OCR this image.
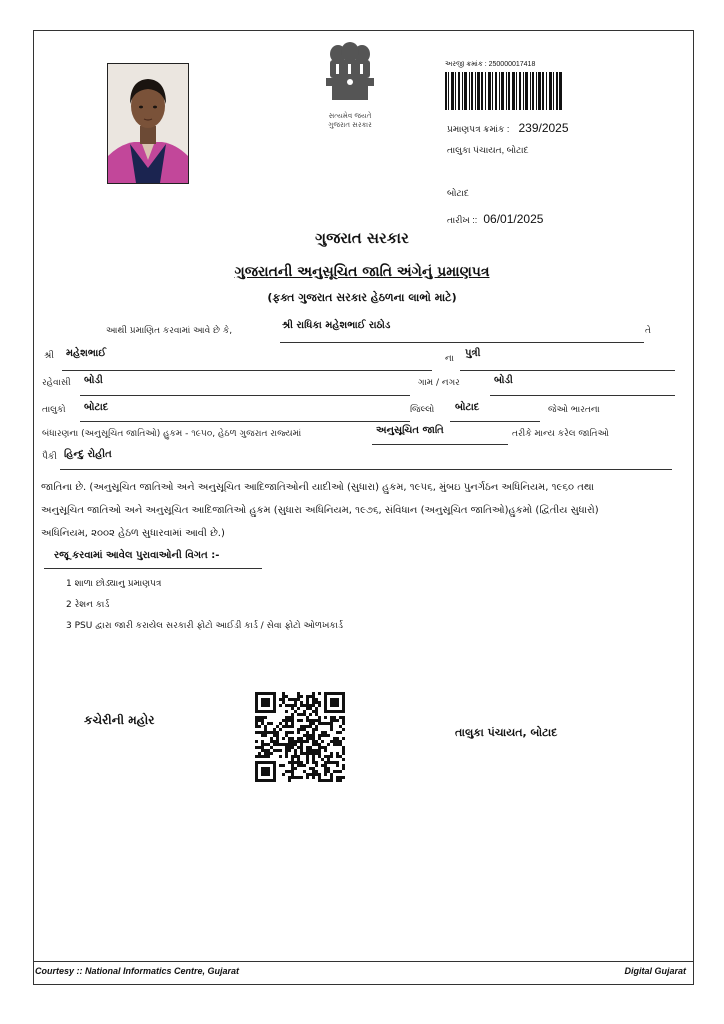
સત્યમેવ જયતે
ગુજરાત સરકાર
અરજી ક્રમાંક : 250000017418
પ્રમાણપત્ર ક્રમાંક : 239/2025
તાલુકા પંચાયત, બોટાદ
બોટાદ
તારીખ :: 06/01/2025
ગુજરાત સરકાર
ગુજરાતની અનુસૂચિત જાતિ અંગેનું પ્રમાણપત્ર
(ફક્ત ગુજરાત સરકાર હેઠળના લાભો માટે)
આથી પ્રમાણિત કરવામાં આવે છે કે,	શ્રી રાધિકા મહેશભાઈ રાઠોડ	તે
શ્રી મહેશભાઈ	ના પુત્રી
રહેવાસી બોડી	ગામ / નગર	બોડી
તાલુકો બોટાદ	જિલ્લો બોટાદ	જેઓ ભારતના
બંધારણના (અનુસૂચિત જાતિઓ) હુકમ - ૧૯૫૦, હેઠળ ગુજરાત રાજ્યમાં	અનુસૂચિત જાતિ	તરીકે માન્ય કરેલ જાતિઓ
પૈકી હિન્દુ રોહીત
જાતિના છે. (અનુસૂચિત જાતિઓ અને અનુસૂચિત આદિજાતિઓની યાદીઓ (સુધારા) હુકમ, ૧૯૫૬, મુંબઇ પુનર્ગઠન અધિનિયમ, ૧૯૬૦ તથા
અનુસૂચિત જાતિઓ અને અનુસૂચિત આદિજાતિઓ હુકમ (સુધારા અધિનિયમ, ૧૯૭૬, સંવિધાન (અનુસૂચિત જાતિઓ)હુકમો (દ્વિતીય સુધારો)
અધિનિયમ, ૨૦૦૨ હેઠળ સુધારવામાં આવી છે.)
રજૂ કરવામાં આવેલ પુરાવાઓની વિગત :-
1 શાળા છોડ્યાનુ પ્રમાણપત્ર
2 રેશન કાર્ડ
3 PSU દ્વારા જારી કરાયેલ સરકારી ફોટો આઈડી કાર્ડ / સેવા ફોટો ઓળખકાર્ડ
કચેરીની મહોર
તાલુકા પંચાયત, બોટાદ
Courtesy :: National Informatics Centre, Gujarat	Digital Gujarat
